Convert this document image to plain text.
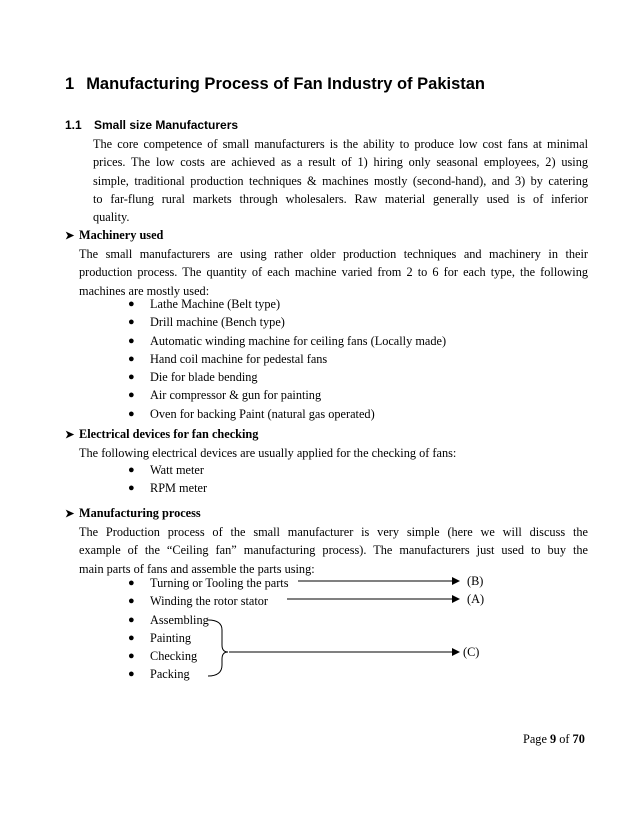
1 Manufacturing Process of Fan Industry of Pakistan
1.1 Small size Manufacturers
The core competence of small manufacturers is the ability to produce low cost fans at minimal
prices. The low costs are achieved as a result of 1) hiring only seasonal employees, 2) using
simple, traditional production techniques & machines mostly (second-hand), and 3) by catering
to far-flung rural markets through wholesalers. Raw material generally used is of inferior
quality.
➤ Machinery used
The small manufacturers are using rather older production techniques and machinery in their
production process. The quantity of each machine varied from 2 to 6 for each type, the following
machines are mostly used:
● Lathe Machine (Belt type)
● Drill machine (Bench type)
● Automatic winding machine for ceiling fans (Locally made)
● Hand coil machine for pedestal fans
● Die for blade bending
● Air compressor & gun for painting
● Oven for backing Paint (natural gas operated)
➤ Electrical devices for fan checking
The following electrical devices are usually applied for the checking of fans:
● Watt meter
● RPM meter
➤ Manufacturing process
The Production process of the small manufacturer is very simple (here we will discuss the
example of the “Ceiling fan” manufacturing process). The manufacturers just used to buy the
main parts of fans and assemble the parts using:
● Turning or Tooling the parts
● Winding the rotor stator
● Assembling
● Painting
● Checking
● Packing
(B)
(A)
(C)
Page 9 of 70
